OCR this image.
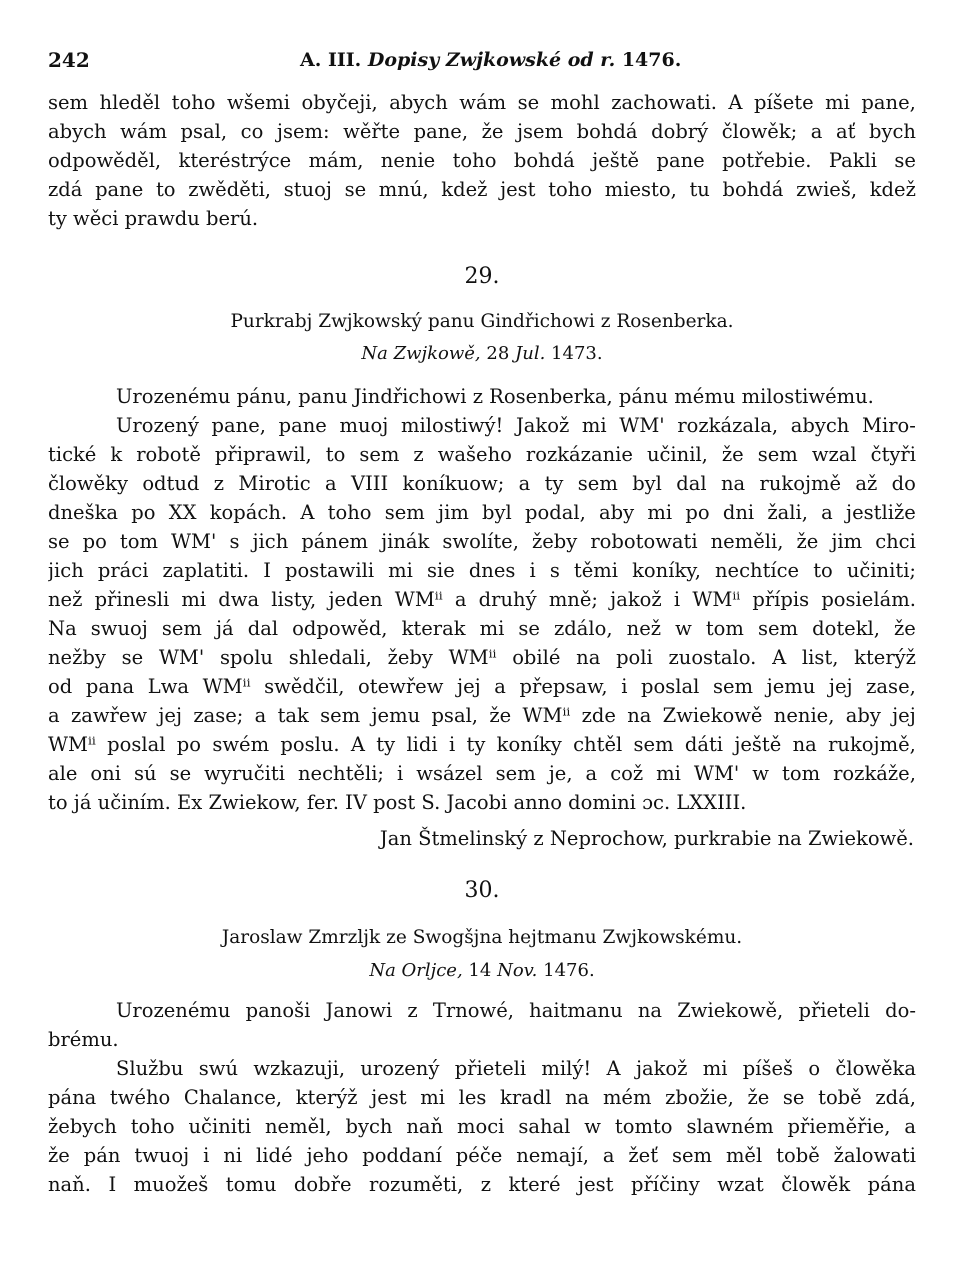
242	A. III. Dopisy Zwjkowské od r. 1476.
sem hleděl toho wšemi obyčeji, abych wám se mohl zachowati. A píšete mi pane,
abych wám psal, co jsem: wěřte pane, že jsem bohdá dobrý člowěk; a ať bych
odpowěděl, kteréstrýce mám, nenie toho bohdá ještě pane potřebie. Pakli se
zdá pane to zwěděti, stuoj se mnú, kdež jest toho miesto, tu bohdá zwieš, kdež
ty wěci prawdu berú.
29.
Purkrabj Zwjkowský panu Gindřichowi z Rosenberka.
Na Zwjkowě, 28 Jul. 1473.
Urozenému pánu, panu Jindřichowi z Rosenberka, pánu mému milostiwému.
Urozený pane, pane muoj milostiwý! Jakož mi WM' rozkázala, abych Miro-
tické k robotě připrawil, to sem z wašeho rozkázanie učinil, že sem wzal čtyři
člowěky odtud z Mirotic a VIII koníkuow; a ty sem byl dal na rukojmě až do
dneška po XX kopách. A toho sem jim byl podal, aby mi po dni žali, a jestliže
se po tom WM' s jich pánem jinák swolíte, žeby robotowati neměli, že jim chci
jich práci zaplatiti. I postawili mi sie dnes i s těmi koníky, nechtíce to učiniti;
než přinesli mi dwa listy, jeden WMⁱⁱ a druhý mně; jakož i WMⁱⁱ přípis posielám.
Na swuoj sem já dal odpowěd, kterak mi se zdálo, než w tom sem dotekl, že
nežby se WM' spolu shledali, žeby WMⁱⁱ obilé na poli zuostalo. A list, kterýž
od pana Lwa WMⁱⁱ swědčil, otewřew jej a přepsaw, i poslal sem jemu jej zase,
a zawřew jej zase; a tak sem jemu psal, že WMⁱⁱ zde na Zwiekowě nenie, aby jej
WMⁱⁱ poslal po swém poslu. A ty lidi i ty koníky chtěl sem dáti ještě na rukojmě,
ale oni sú se wyručiti nechtěli; i wsázel sem je, a což mi WM' w tom rozkáže,
to já učiním. Ex Zwiekow, fer. IV post S. Jacobi anno domini ɔc. LXXIII.
Jan Štmelinský z Neprochow, purkrabie na Zwiekowě.
30.
Jaroslaw Zmrzljk ze Swogšjna hejtmanu Zwjkowskému.
Na Orljce, 14 Nov. 1476.
Urozenému panoši Janowi z Trnowé, haitmanu na Zwiekowě, přieteli do-
brému.
Službu swú wzkazuji, urozený přieteli milý! A jakož mi píšeš o člowěka
pána twého Chalance, kterýž jest mi les kradl na mém zbožie, že se tobě zdá,
žebych toho učiniti neměl, bych naň moci sahal w tomto slawném přieměřie, a
že pán twuoj i ni lidé jeho poddaní péče nemají, a žeť sem měl tobě žalowati
naň. I muožeš tomu dobře rozuměti, z které jest příčiny wzat člowěk pána
